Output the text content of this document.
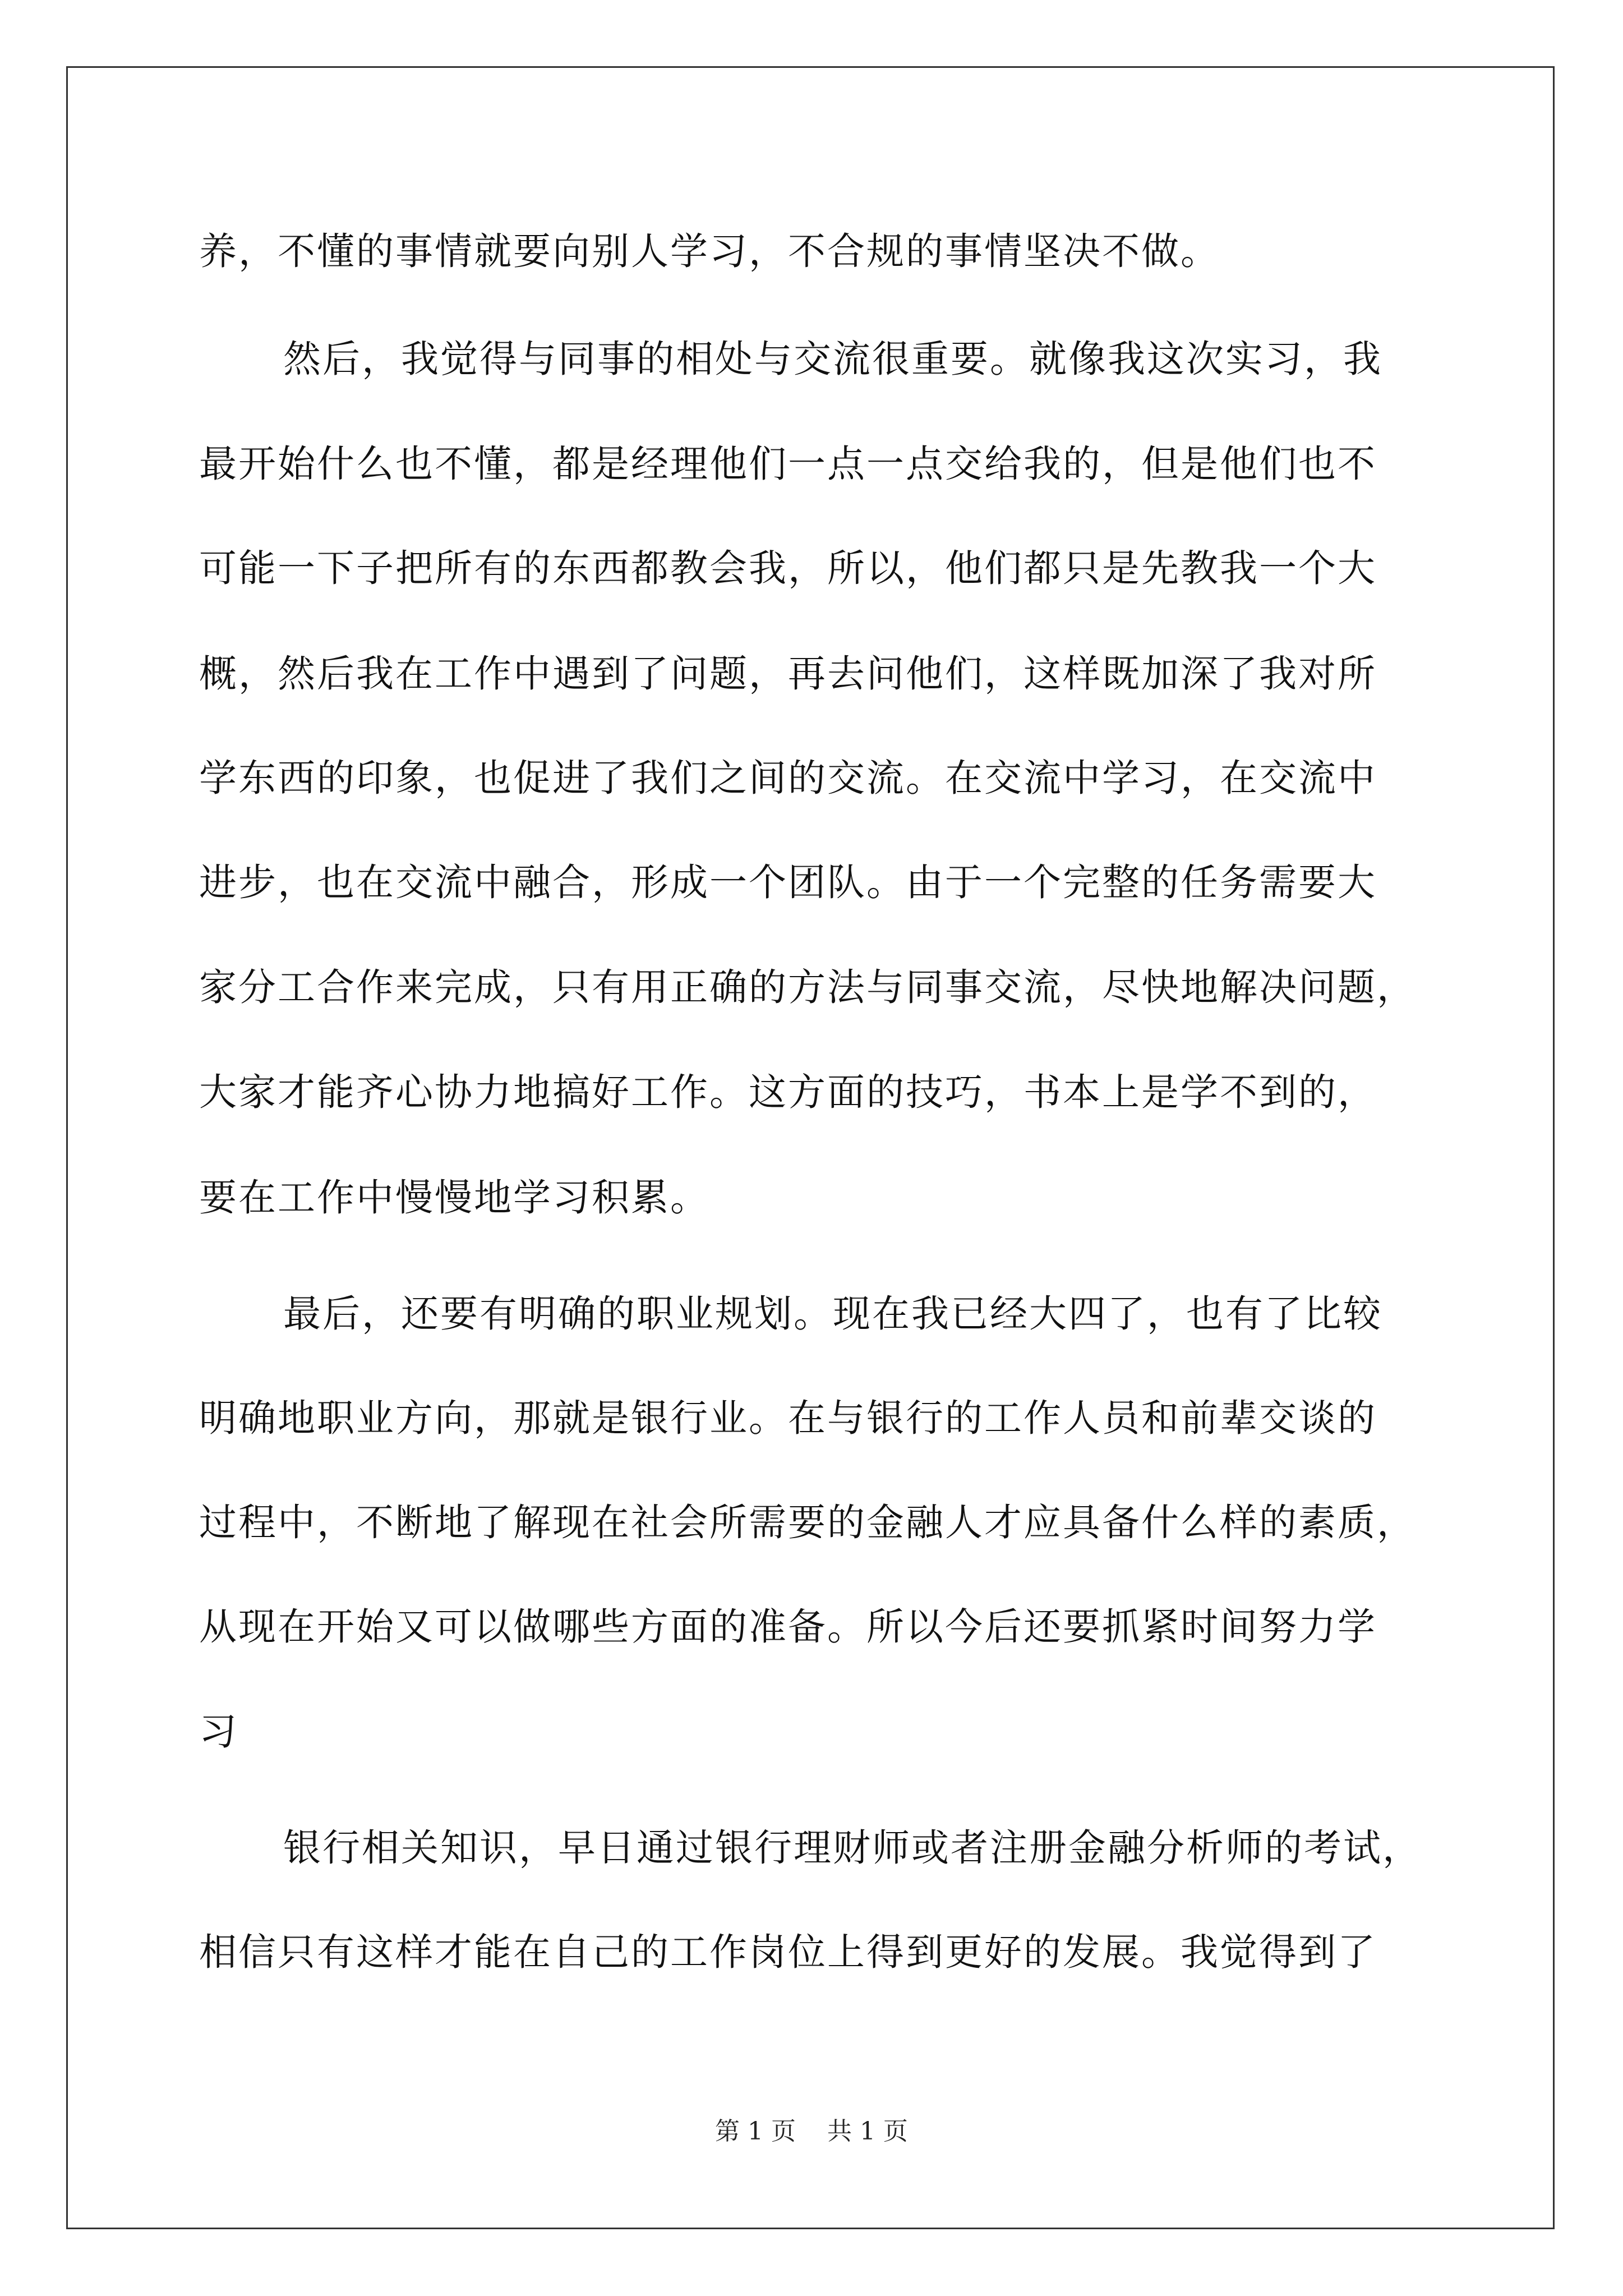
养，不懂的事情就要向别人学习，不合规的事情坚决不做。
然后，我觉得与同事的相处与交流很重要。就像我这次实习，我
最开始什么也不懂，都是经理他们一点一点交给我的，但是他们也不
可能一下子把所有的东西都教会我，所以，他们都只是先教我一个大
概，然后我在工作中遇到了问题，再去问他们，这样既加深了我对所
学东西的印象，也促进了我们之间的交流。在交流中学习，在交流中
进步，也在交流中融合，形成一个团队。由于一个完整的任务需要大
家分工合作来完成，只有用正确的方法与同事交流，尽快地解决问题，
大家才能齐心协力地搞好工作。这方面的技巧，书本上是学不到的，
要在工作中慢慢地学习积累。
最后，还要有明确的职业规划。现在我已经大四了，也有了比较
明确地职业方向，那就是银行业。在与银行的工作人员和前辈交谈的
过程中，不断地了解现在社会所需要的金融人才应具备什么样的素质，
从现在开始又可以做哪些方面的准备。所以今后还要抓紧时间努力学
习
银行相关知识，早日通过银行理财师或者注册金融分析师的考试，
相信只有这样才能在自己的工作岗位上得到更好的发展。我觉得到了
第 1 页    共 1 页
